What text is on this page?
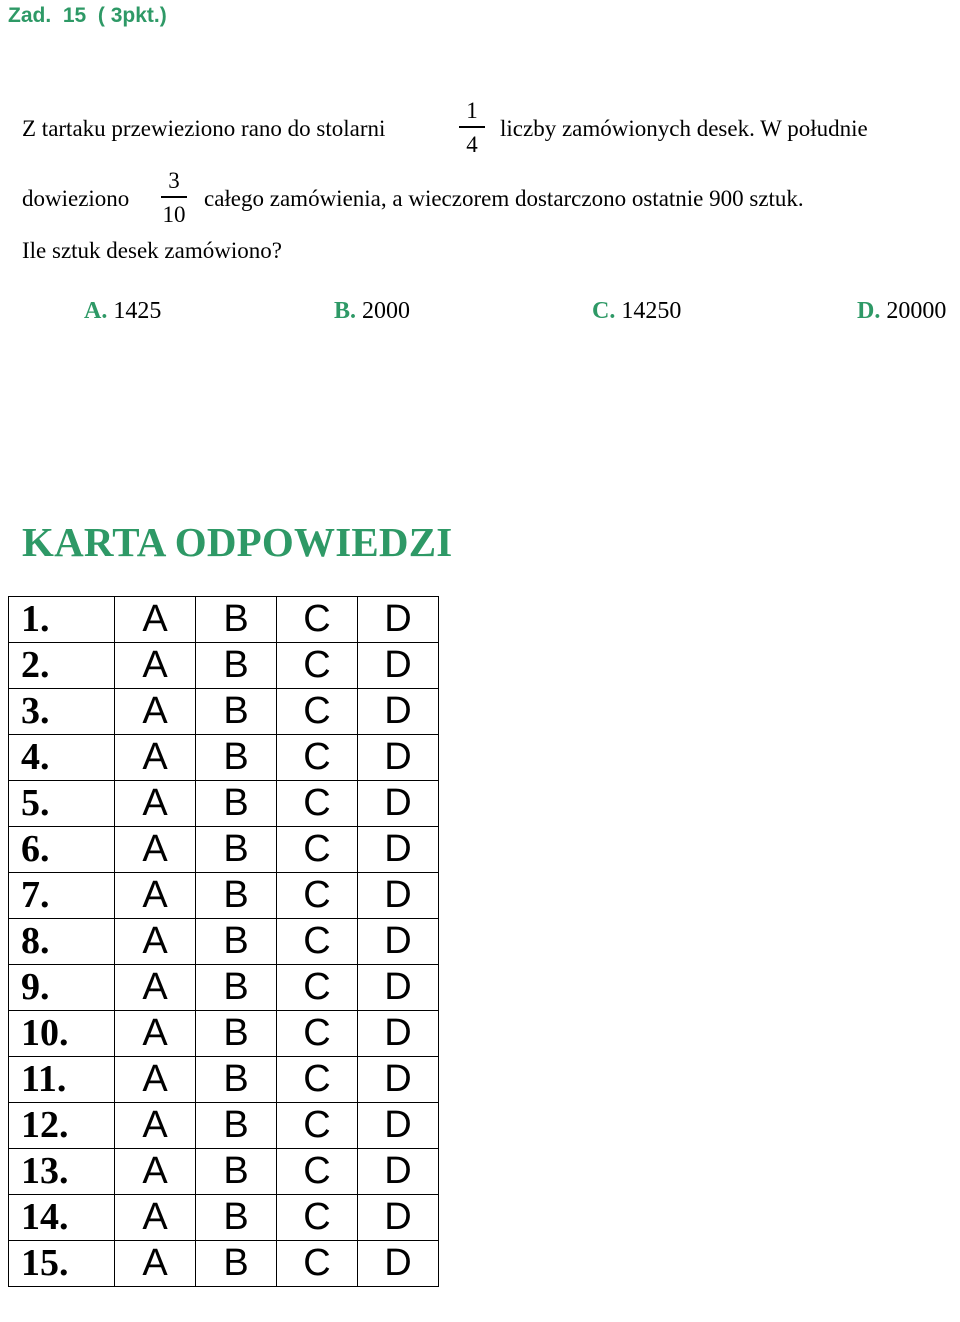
Zad.  15  ( 3pkt.)
Z tartaku przewieziono rano do stolarni
1
4
liczby zamówionych desek. W południe
dowieziono
3
10
całego zamówienia, a wieczorem dostarczono ostatnie 900 sztuk.
Ile sztuk desek zamówiono?
A. 1425	B. 2000	C. 14250	D. 20000
KARTA ODPOWIEDZI
1.	A	B	C	D
2.	A	B	C	D
3.	A	B	C	D
4.	A	B	C	D
5.	A	B	C	D
6.	A	B	C	D
7.	A	B	C	D
8.	A	B	C	D
9.	A	B	C	D
10.	A	B	C	D
11.	A	B	C	D
12.	A	B	C	D
13.	A	B	C	D
14.	A	B	C	D
15.	A	B	C	D
